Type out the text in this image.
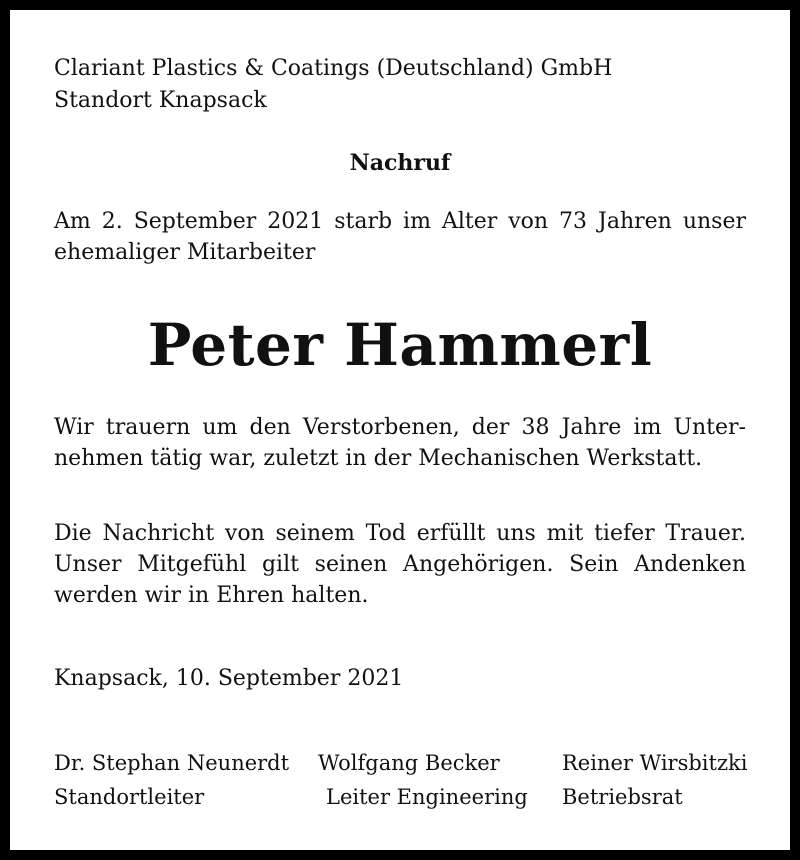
Clariant Plastics & Coatings (Deutschland) GmbH
Standort Knapsack
Nachruf
Am 2. September 2021 starb im Alter von 73 Jahren unser
ehemaliger Mitarbeiter
Peter Hammerl
Wir trauern um den Verstorbenen, der 38 Jahre im Unter-
nehmen tätig war, zuletzt in der Mechanischen Werkstatt.
Die Nachricht von seinem Tod erfüllt uns mit tiefer Trauer.
Unser Mitgefühl gilt seinen Angehörigen. Sein Andenken
werden wir in Ehren halten.
Knapsack, 10. September 2021
Dr. Stephan Neunerdt
Standortleiter
Wolfgang Becker
Leiter Engineering
Reiner Wirsbitzki
Betriebsrat
